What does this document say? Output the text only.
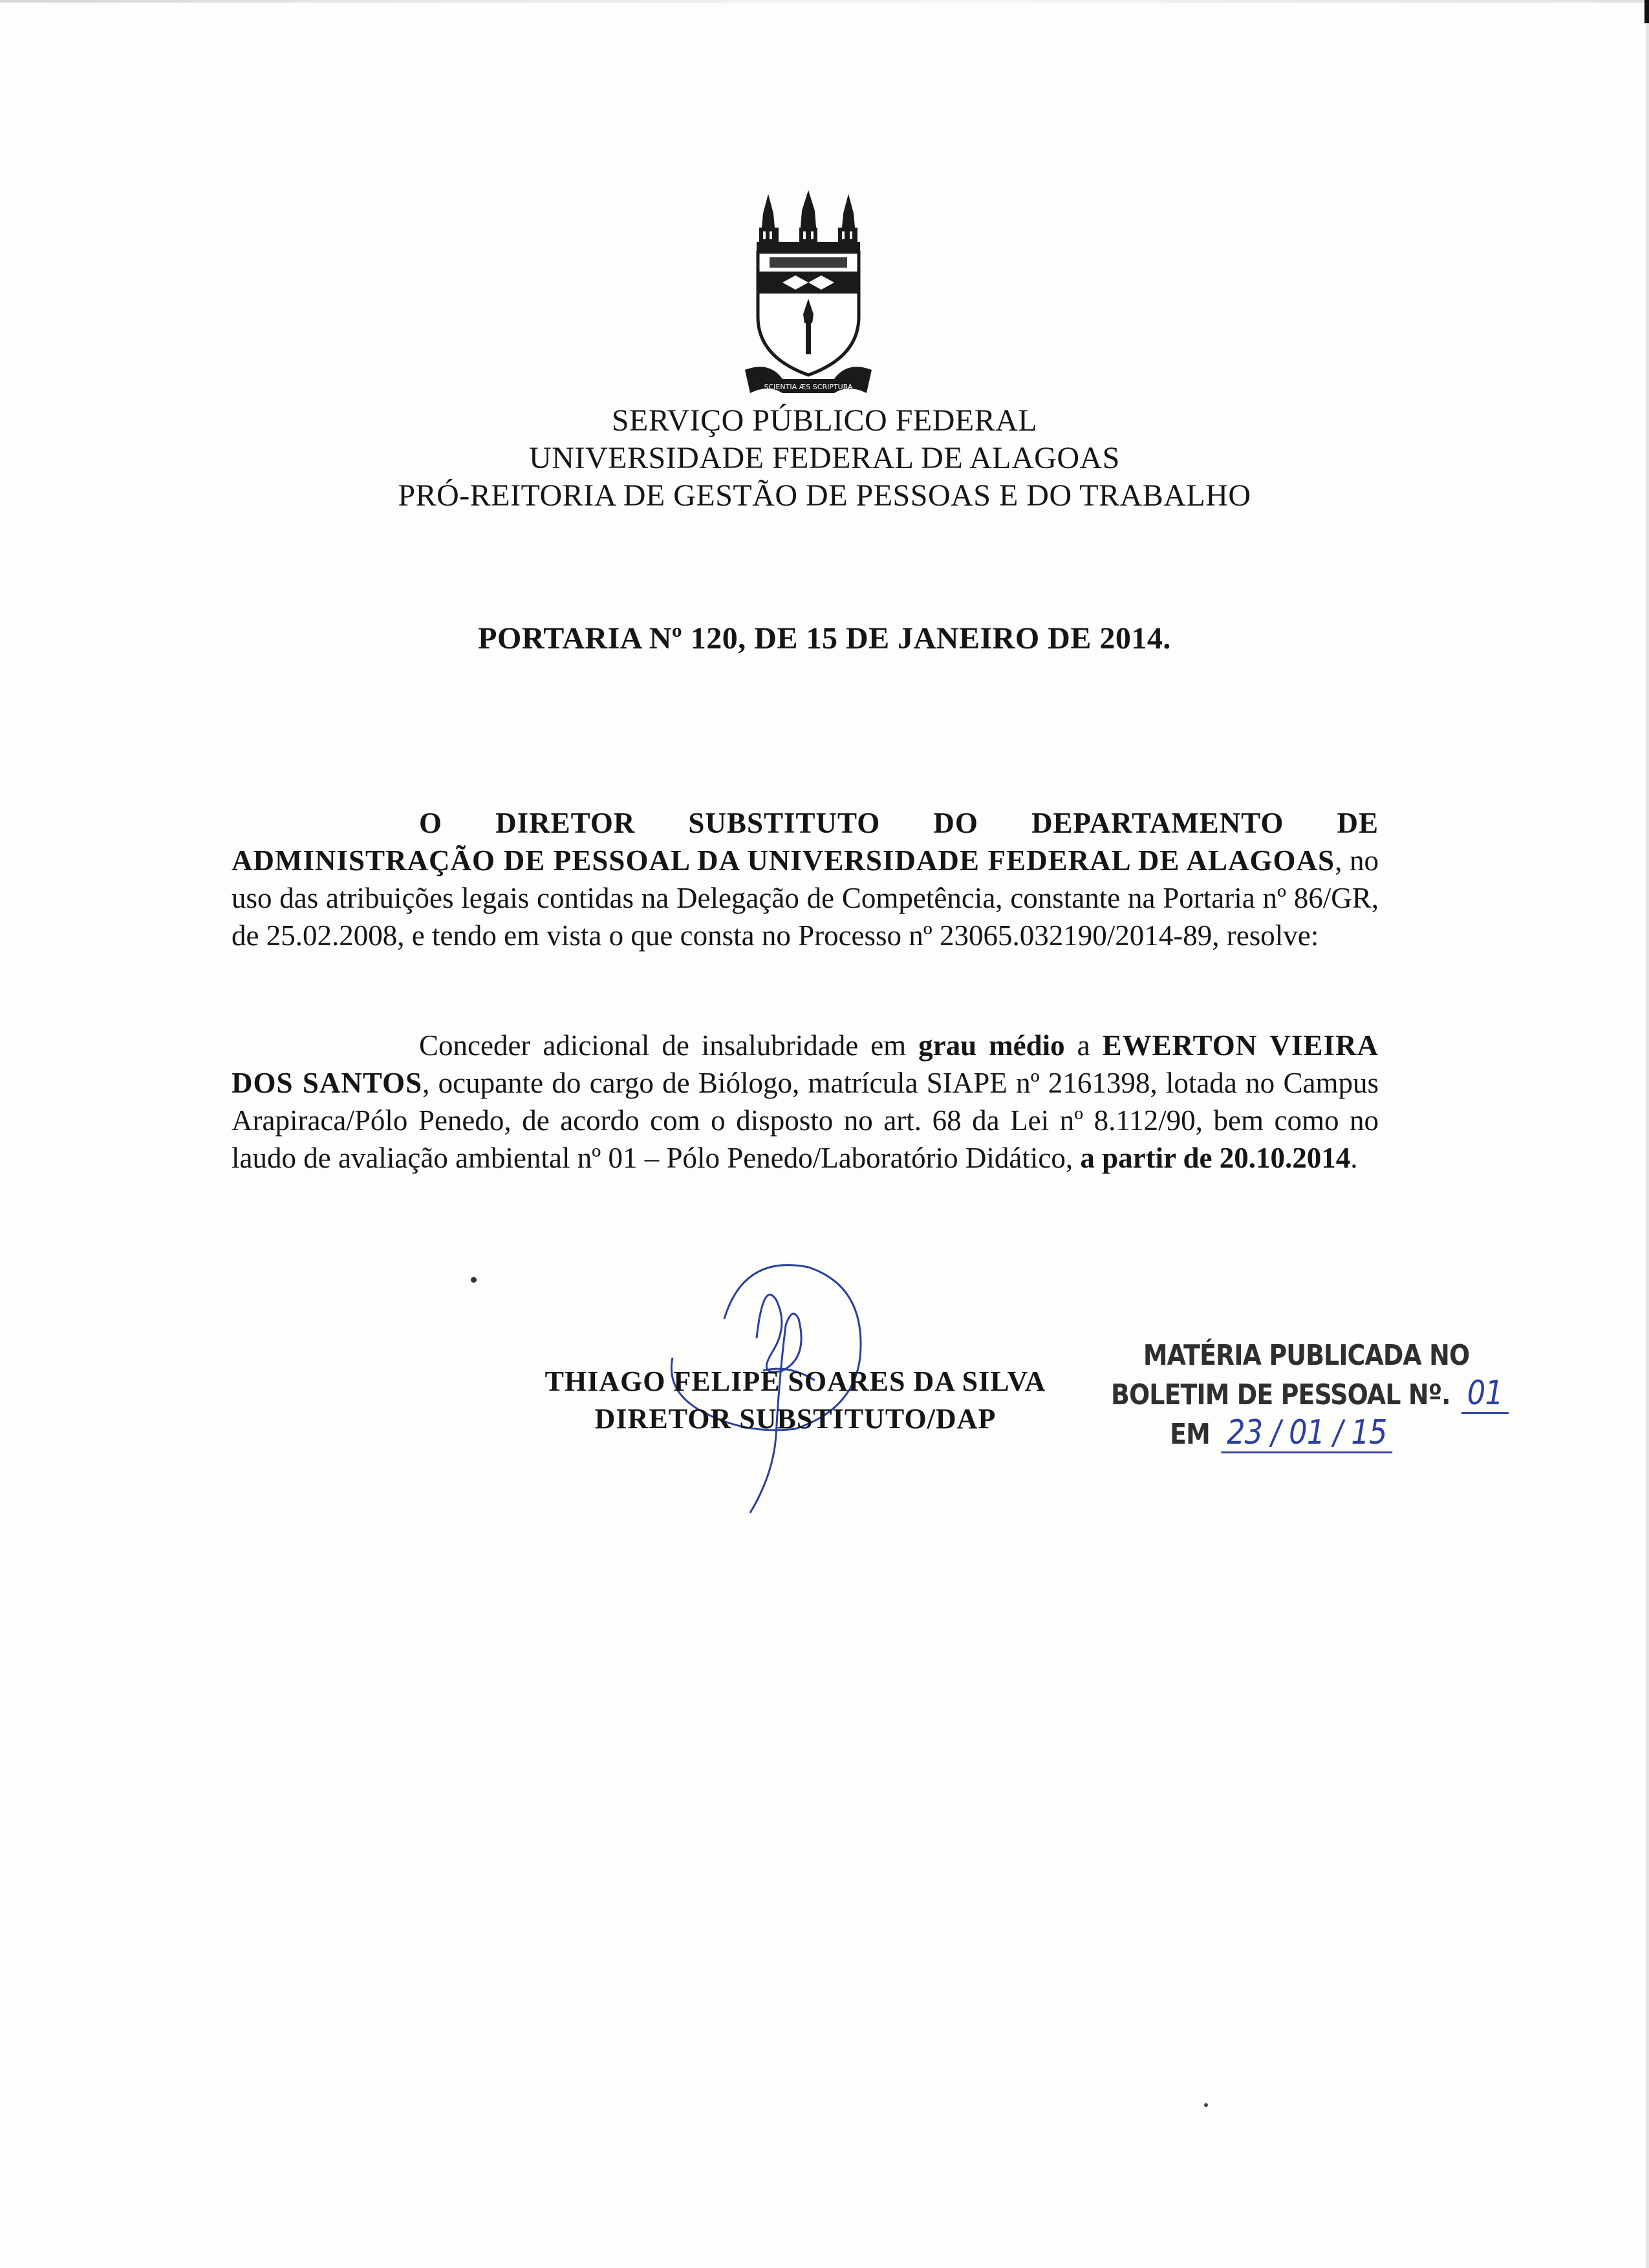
SCIENTIA ÆS SCRIPTURA
SERVIÇO PÚBLICO FEDERAL
UNIVERSIDADE FEDERAL DE ALAGOAS
PRÓ-REITORIA DE GESTÃO DE PESSOAS E DO TRABALHO
PORTARIA Nº 120, DE 15 DE JANEIRO DE 2014.
O DIRETOR SUBSTITUTO DO DEPARTAMENTO DE ADMINISTRAÇÃO DE PESSOAL DA UNIVERSIDADE FEDERAL DE ALAGOAS, no uso das atribuições legais contidas na Delegação de Competência, constante na Portaria nº 86/GR, de 25.02.2008, e tendo em vista o que consta no Processo nº 23065.032190/2014-89, resolve:
Conceder adicional de insalubridade em grau médio a EWERTON VIEIRA DOS SANTOS, ocupante do cargo de Biólogo, matrícula SIAPE nº 2161398, lotada no Campus Arapiraca/Pólo Penedo, de acordo com o disposto no art. 68 da Lei nº 8.112/90, bem como no laudo de avaliação ambiental nº 01 – Pólo Penedo/Laboratório Didático, a partir de 20.10.2014.
THIAGO FELIPE SOARES DA SILVA
DIRETOR SUBSTITUTO/DAP
MATÉRIA PUBLICADA NO
BOLETIM DE PESSOAL Nº. 01
EM 23 / 01 / 15
